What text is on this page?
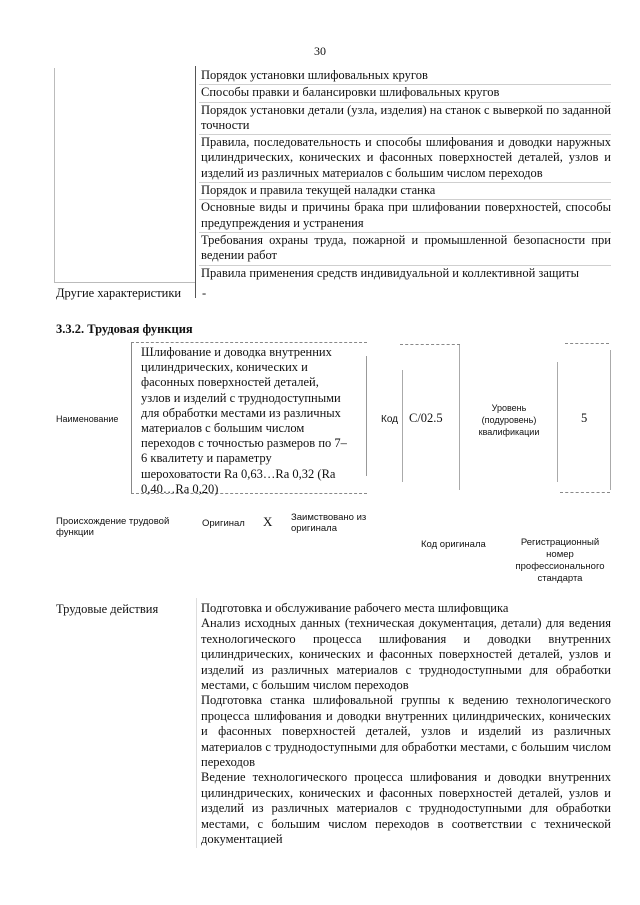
30

Порядок установки шлифовальных кругов

Способы правки и балансировки шлифовальных кругов

Порядок установки детали (узла, изделия) на станок с выверкой по заданной точности

Правила, последовательность и способы шлифования и доводки наружных цилиндрических, конических и фасонных поверхностей деталей, узлов и изделий из различных материалов с большим числом переходов

Порядок и правила текущей наладки станка

Основные виды и причины брака при шлифовании поверхностей, способы предупреждения и устранения

Требования охраны труда, пожарной и промышленной безопасности при ведении работ

Правила применения средств индивидуальной и коллективной защиты

Другие характеристики -
3.3.2. Трудовая функция
Наименование
Шлифование и доводка внутренних
цилиндрических, конических и
фасонных поверхностей деталей,
узлов и изделий с труднодоступными
для обработки местами из различных
материалов с большим числом
переходов с точностью размеров по 7–
6 квалитету и параметру
шероховатости Ra 0,63…Ra 0,32 (Ra
0,40…Ra 0,20)
Код C/02.5
Уровень
(подуровень)
квалификации
5
Происхождение трудовой
функции
Оригинал X Заимствовано из
оригинала
Код оригинала	Регистрационный
номер
профессионального
стандарта
Трудовые действия	Подготовка и обслуживание рабочего места шлифовщика

Анализ исходных данных (техническая документация, детали) для ведения технологического процесса шлифования и доводки внутренних цилиндрических, конических и фасонных поверхностей деталей, узлов и изделий из различных материалов с труднодоступными для обработки местами, с большим числом переходов

Подготовка станка шлифовальной группы к ведению технологического процесса шлифования и доводки внутренних цилиндрических, конических и фасонных поверхностей деталей, узлов и изделий из различных материалов с труднодоступными для обработки местами, с большим числом переходов

Ведение технологического процесса шлифования и доводки внутренних цилиндрических, конических и фасонных поверхностей деталей, узлов и изделий из различных материалов с труднодоступными для обработки местами, с большим числом переходов в соответствии с технической документацией
